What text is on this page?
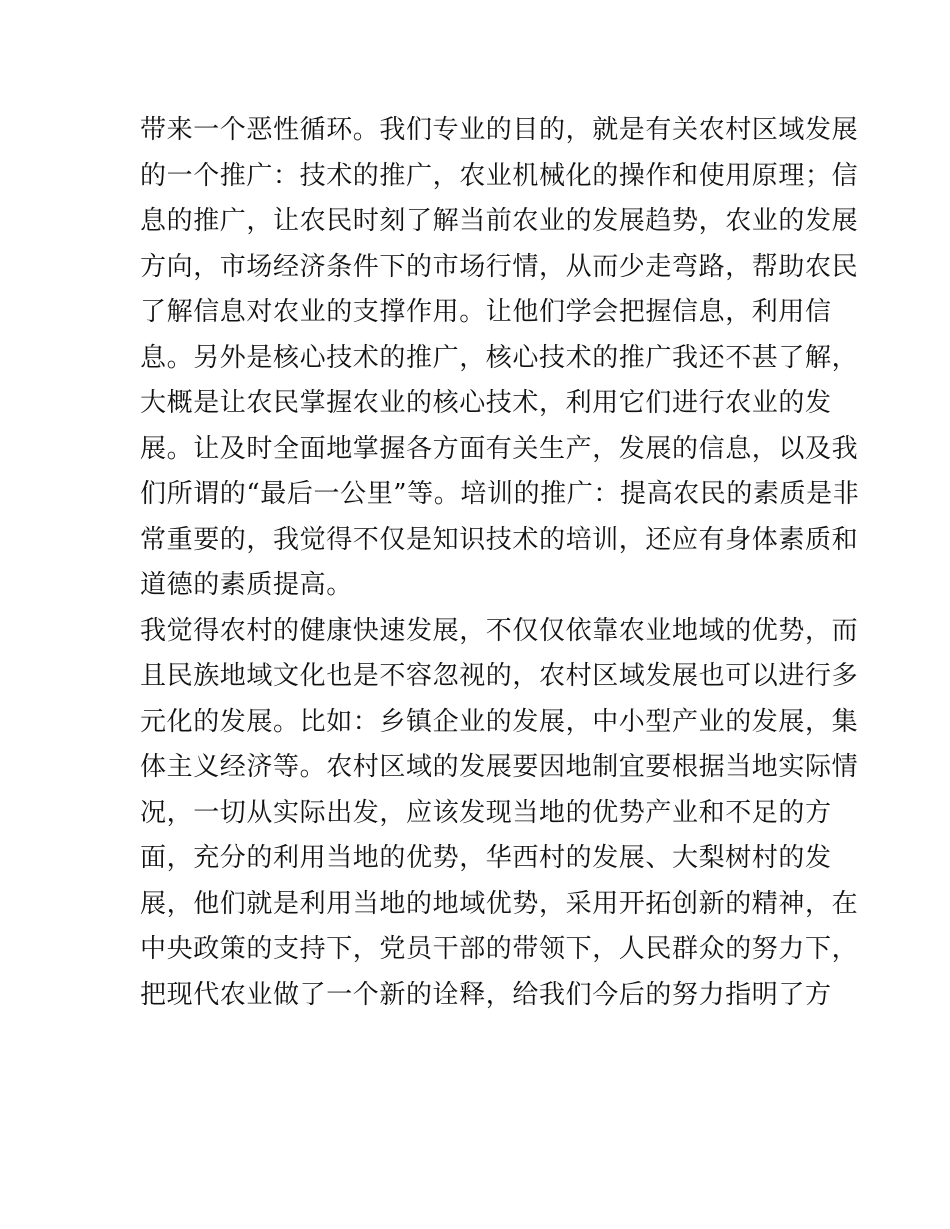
带来一个恶性循环。我们专业的目的，就是有关农村区域发展
的一个推广：技术的推广，农业机械化的操作和使用原理；信
息的推广，让农民时刻了解当前农业的发展趋势，农业的发展
方向，市场经济条件下的市场行情，从而少走弯路，帮助农民
了解信息对农业的支撑作用。让他们学会把握信息，利用信
息。另外是核心技术的推广，核心技术的推广我还不甚了解，
大概是让农民掌握农业的核心技术，利用它们进行农业的发
展。让及时全面地掌握各方面有关生产，发展的信息，以及我
们所谓的“最后一公里”等。培训的推广：提高农民的素质是非
常重要的，我觉得不仅是知识技术的培训，还应有身体素质和
道德的素质提高。
我觉得农村的健康快速发展，不仅仅依靠农业地域的优势，而
且民族地域文化也是不容忽视的，农村区域发展也可以进行多
元化的发展。比如：乡镇企业的发展，中小型产业的发展，集
体主义经济等。农村区域的发展要因地制宜要根据当地实际情
况，一切从实际出发，应该发现当地的优势产业和不足的方
面，充分的利用当地的优势，华西村的发展、大梨树村的发
展，他们就是利用当地的地域优势，采用开拓创新的精神，在
中央政策的支持下，党员干部的带领下，人民群众的努力下，
把现代农业做了一个新的诠释，给我们今后的努力指明了方
